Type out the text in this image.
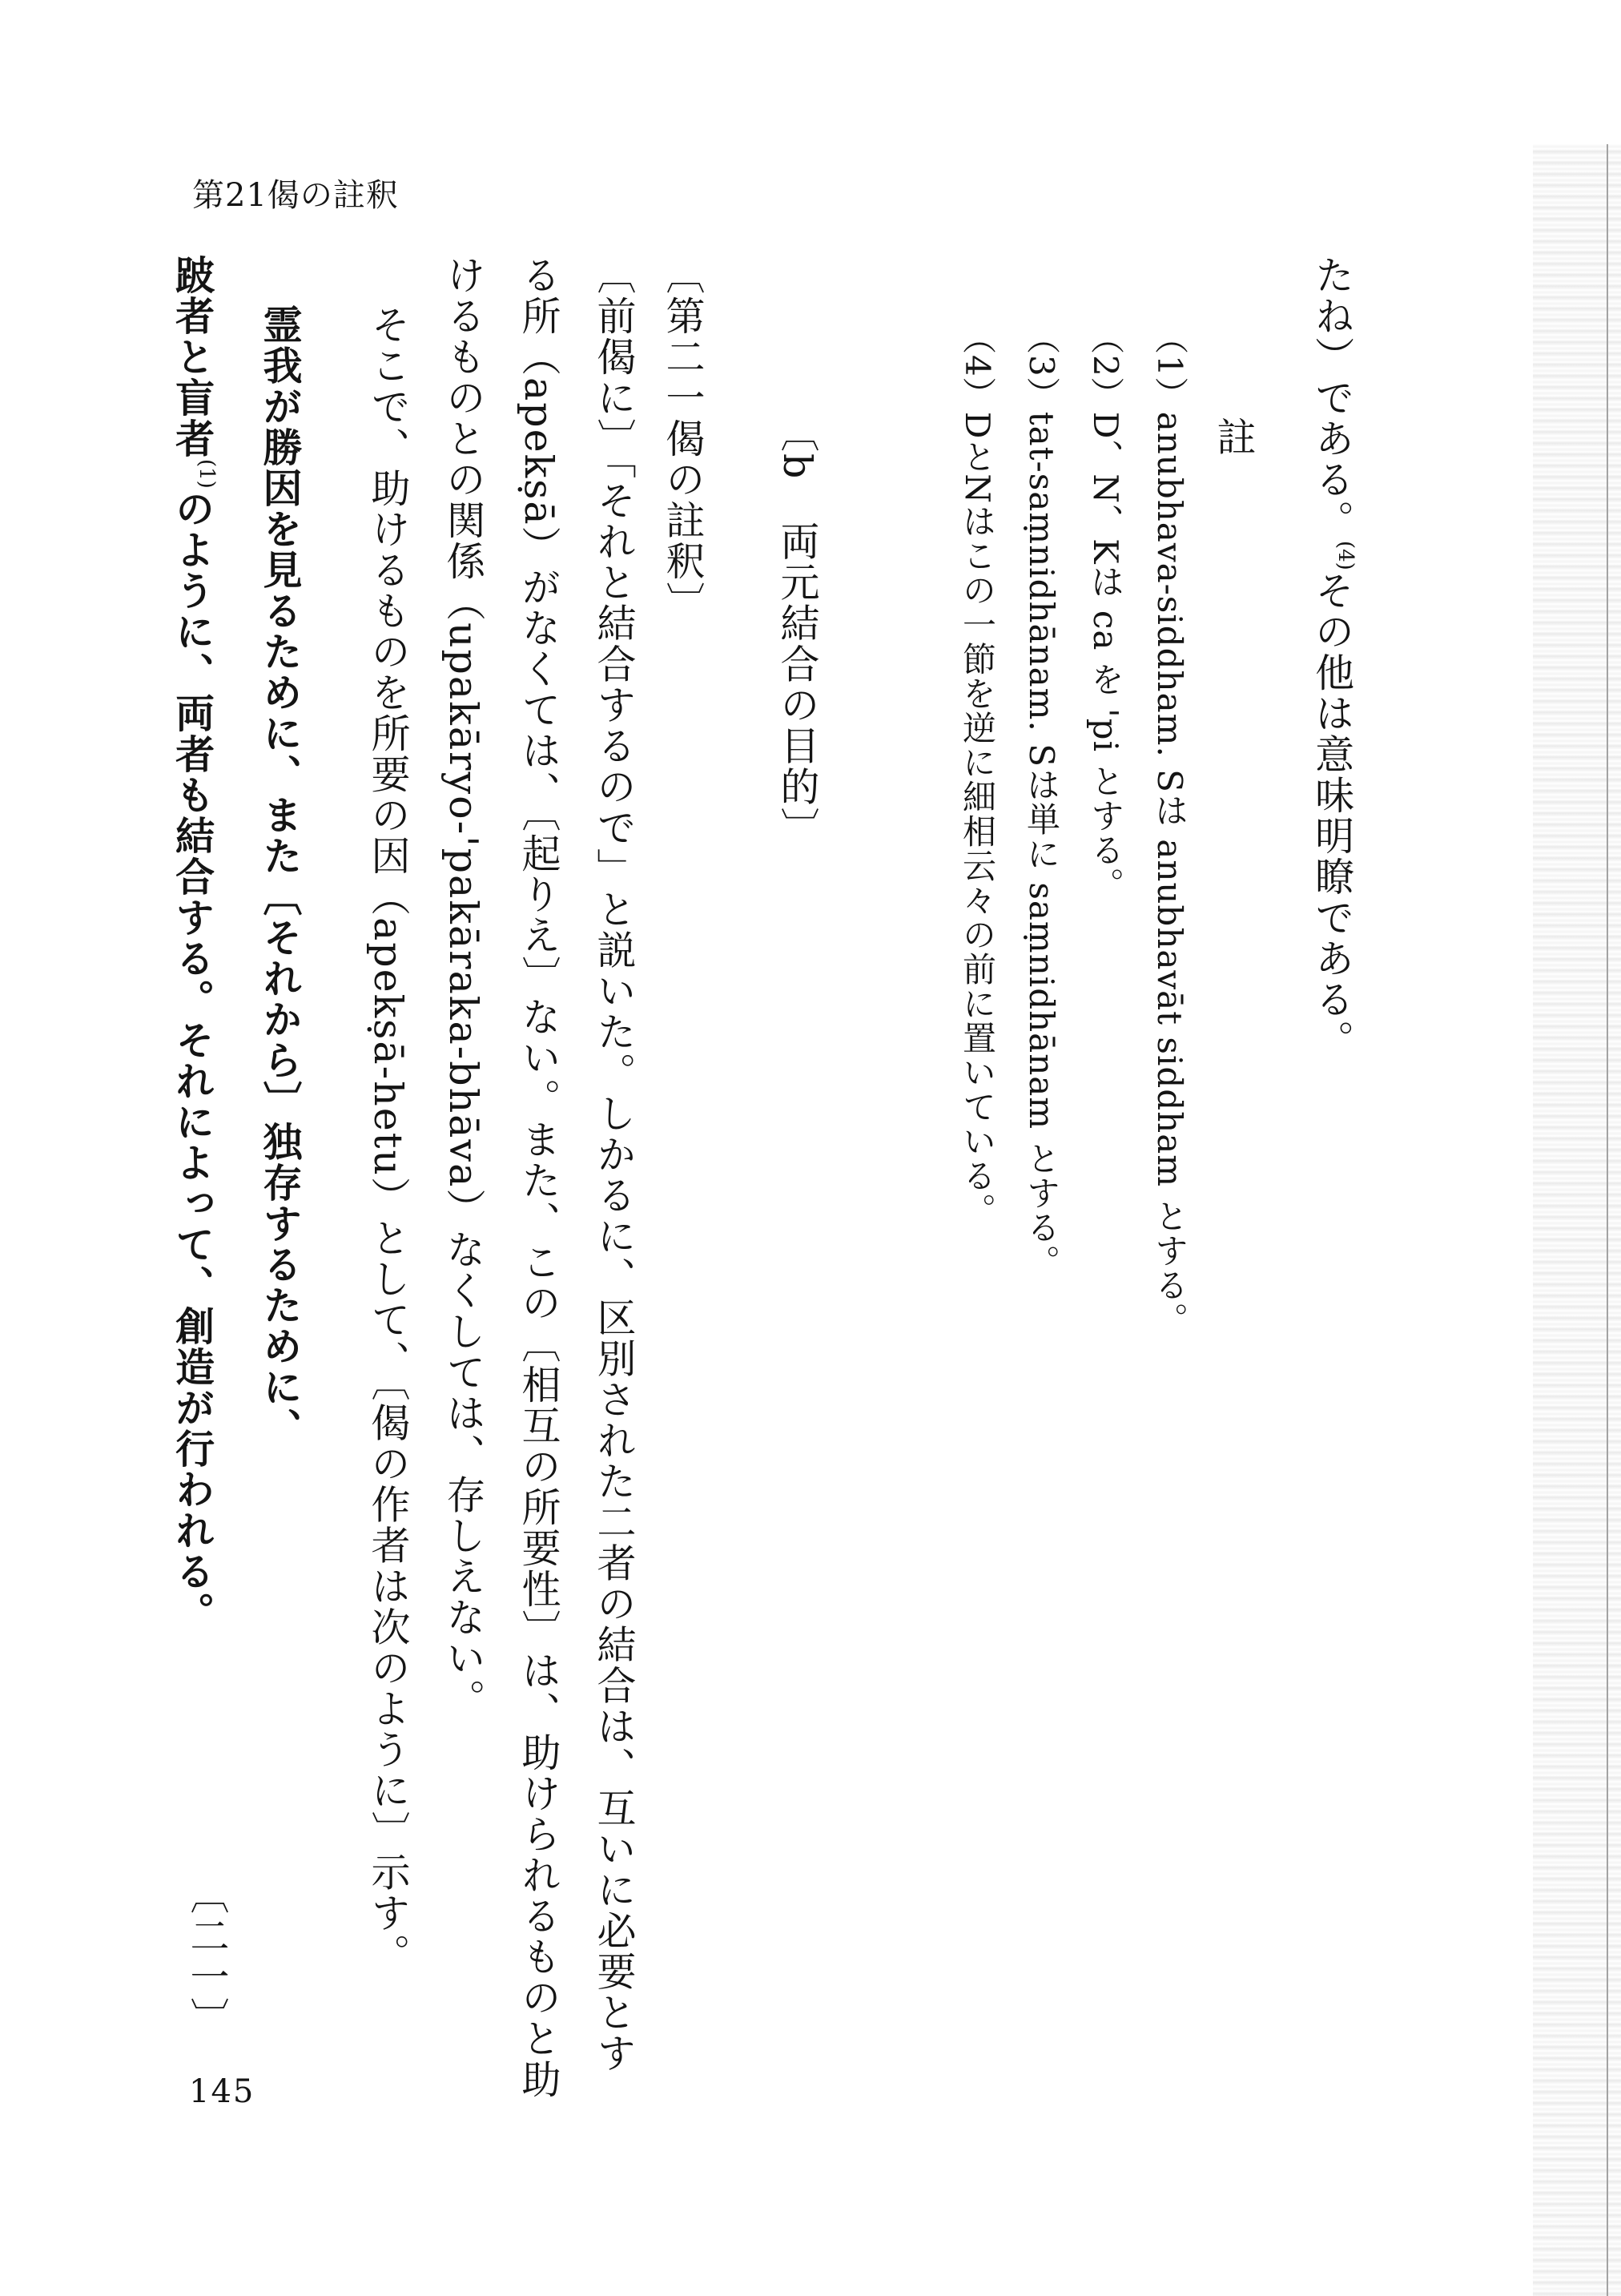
第21偈の註釈
たね）である。$^{(4)}$その他は意味明瞭である。
註
（1）anubhava-siddham. Sは anubhavāt siddham とする。
（2）D、N、Kは ca を 'pi とする。
（3）tat-saṃnidhānam. Sは単に saṃnidhānam とする。
（4）DとNはこの一節を逆に細相云々の前に置いている。
〔b　両元結合の目的〕
〔第二一偈の註釈〕
〔前偈に〕「それと結合するので」と説いた。しかるに、区別された二者の結合は、互いに必要とす
る所（apekṣā）がなくては、〔起りえ〕ない。また、この〔相互の所要性〕は、助けられるものと助
けるものとの関係（upakāryo-'pakāraka-bhāva）なくしては、存しえない。
そこで、助けるものを所要の因（apekṣā-hetu）として、〔偈の作者は次のように〕示す。
霊我が勝因を見るために、また〔それから〕独存するために、
跛者と盲者$^{(1)}$のように、両者も結合する。それによって、創造が行われる。
〔二一〕
145
